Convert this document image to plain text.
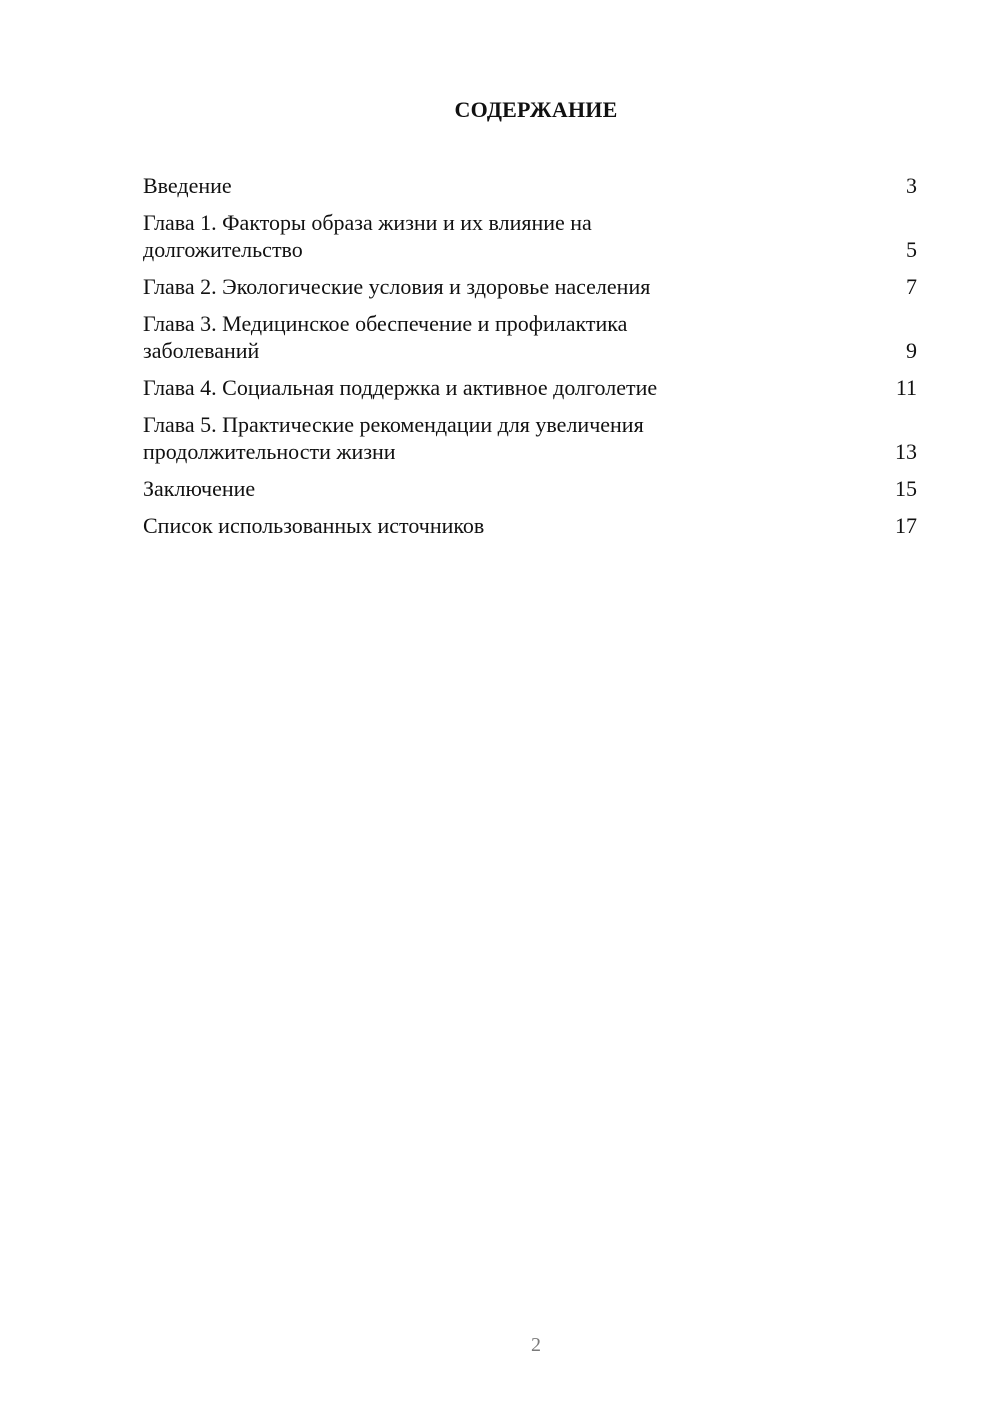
СОДЕРЖАНИЕ
Введение	3
Глава 1. Факторы образа жизни и их влияние на
долгожительство	5
Глава 2. Экологические условия и здоровье населения	7
Глава 3. Медицинское обеспечение и профилактика
заболеваний	9
Глава 4. Социальная поддержка и активное долголетие	11
Глава 5. Практические рекомендации для увеличения
продолжительности жизни	13
Заключение	15
Список использованных источников	17
2
